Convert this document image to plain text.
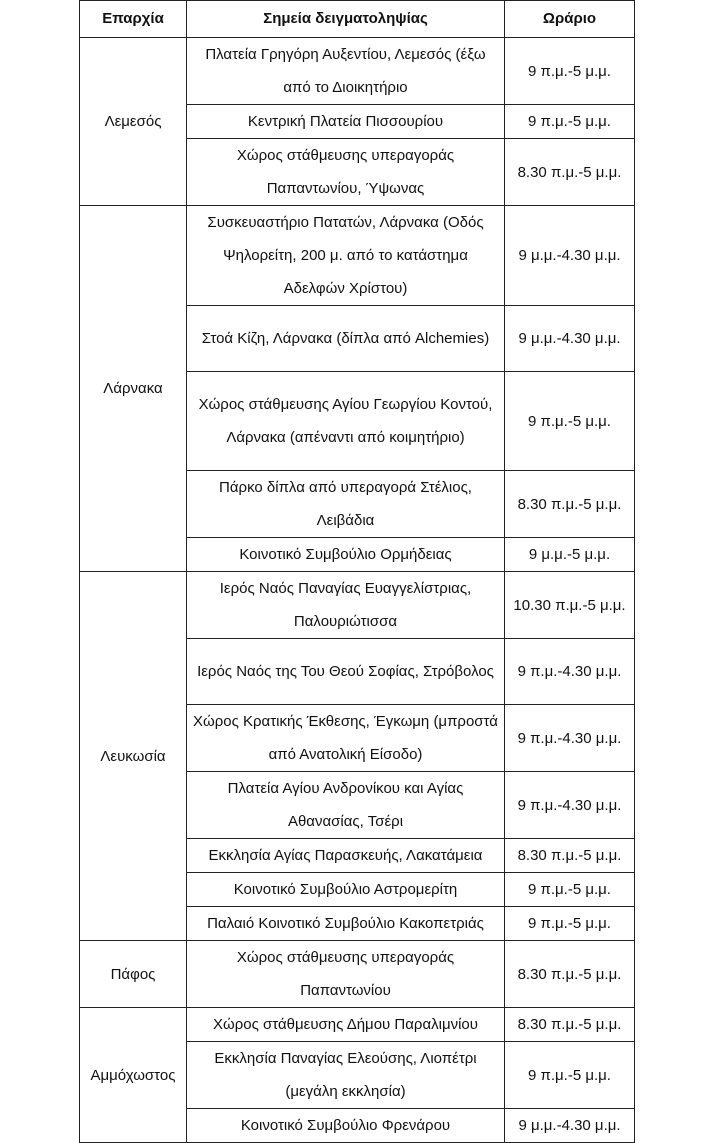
Επαρχία	Σημεία δειγματοληψίας	Ωράριο
Λεμεσός	Πλατεία Γρηγόρη Αυξεντίου, Λεμεσός (έξω από το Διοικητήριο	9 π.μ.-5 μ.μ.
	Κεντρική Πλατεία Πισσουρίου	9 π.μ.-5 μ.μ.
	Χώρος στάθμευσης υπεραγοράς Παπαντωνίου, Ύψωνας	8.30 π.μ.-5 μ.μ.
Λάρνακα	Συσκευαστήριο Πατατών, Λάρνακα (Οδός Ψηλορείτη, 200 μ. από το κατάστημα Αδελφών Χρίστου)	9 μ.μ.-4.30 μ.μ.
	Στοά Κίζη, Λάρνακα (δίπλα από Alchemies)	9 μ.μ.-4.30 μ.μ.
	Χώρος στάθμευσης Αγίου Γεωργίου Κοντού, Λάρνακα (απέναντι από κοιμητήριο)	9 π.μ.-5 μ.μ.
	Πάρκο δίπλα από υπεραγορά Στέλιος, Λειβάδια	8.30 π.μ.-5 μ.μ.
	Κοινοτικό Συμβούλιο Ορμήδειας	9 μ.μ.-5 μ.μ.
Λευκωσία	Ιερός Ναός Παναγίας Ευαγγελίστριας, Παλουριώτισσα	10.30 π.μ.-5 μ.μ.
	Ιερός Ναός της Του Θεού Σοφίας, Στρόβολος	9 π.μ.-4.30 μ.μ.
	Χώρος Κρατικής Έκθεσης, Έγκωμη (μπροστά από Ανατολική Είσοδο)	9 π.μ.-4.30 μ.μ.
	Πλατεία Αγίου Ανδρονίκου και Αγίας Αθανασίας, Τσέρι	9 π.μ.-4.30 μ.μ.
	Εκκλησία Αγίας Παρασκευής, Λακατάμεια	8.30 π.μ.-5 μ.μ.
	Κοινοτικό Συμβούλιο Αστρομερίτη	9 π.μ.-5 μ.μ.
	Παλαιό Κοινοτικό Συμβούλιο Κακοπετριάς	9 π.μ.-5 μ.μ.
Πάφος	Χώρος στάθμευσης υπεραγοράς Παπαντωνίου	8.30 π.μ.-5 μ.μ.
Αμμόχωστος	Χώρος στάθμευσης Δήμου Παραλιμνίου	8.30 π.μ.-5 μ.μ.
	Εκκλησία Παναγίας Ελεούσης, Λιοπέτρι (μεγάλη εκκλησία)	9 π.μ.-5 μ.μ.
	Κοινοτικό Συμβούλιο Φρενάρου	9 μ.μ.-4.30 μ.μ.
